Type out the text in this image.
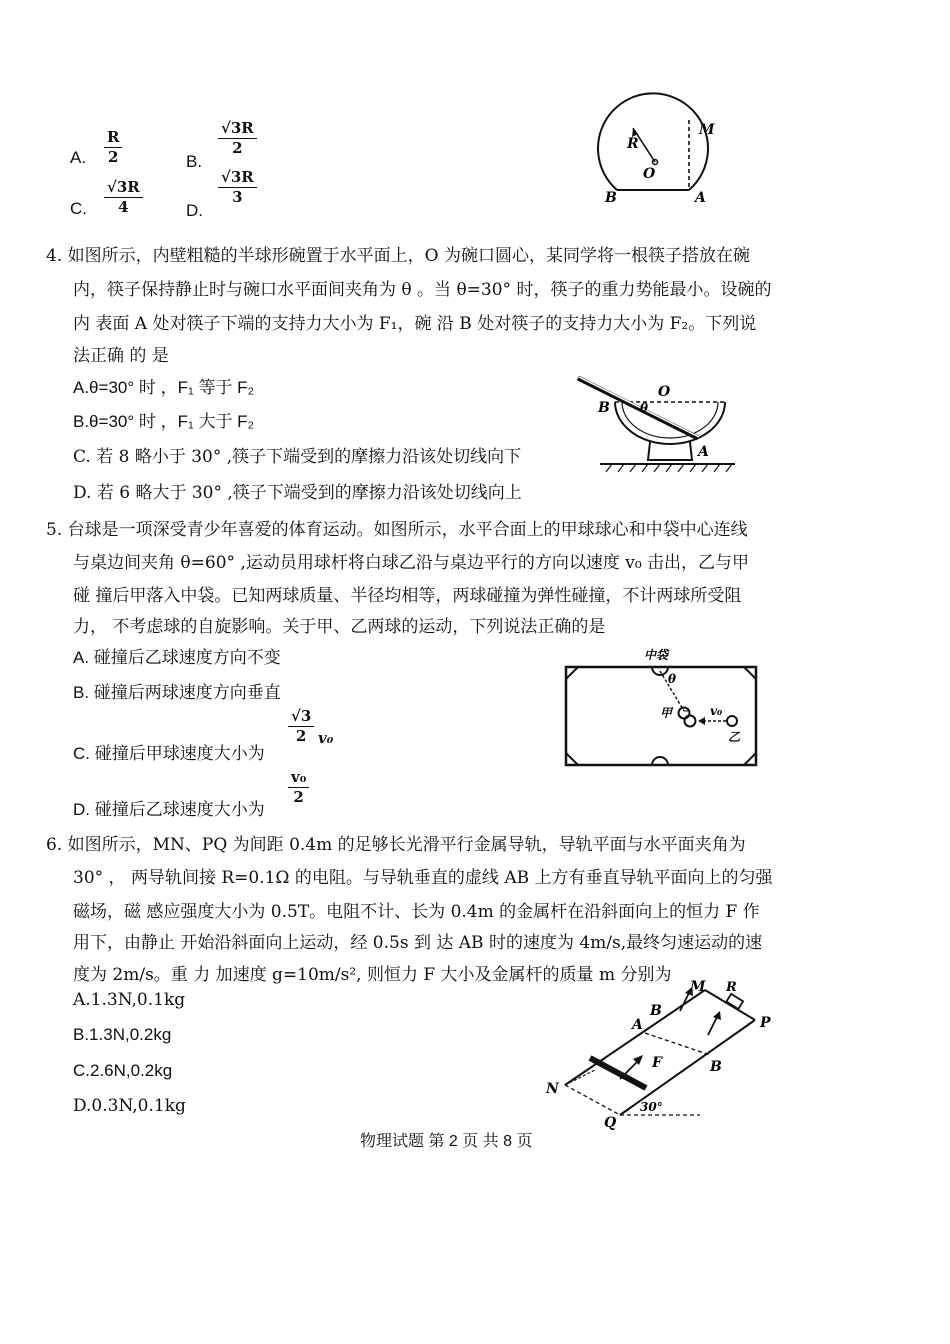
A. $\frac{R}{2}$	B.
$\frac{√3R}{2}$
C. $\frac{√3R}{4}$	D.
$\frac{√3R}{3}$
R
O
M
B	A
4. 如图所示，内壁粗糙的半球形碗置于水平面上，O 为碗口圆心，某同学将一根筷子搭放在碗
内，筷子保持静止时与碗口水平面间夹角为 θ 。当 θ=30° 时，筷子的重力势能最小。设碗的
内 表面 A 处对筷子下端的支持力大小为 F₁，碗 沿 B 处对筷子的支持力大小为 F₂。下列说
法正确 的 是
A.θ=30° 时 ，F₁ 等于 F₂
B.θ=30° 时 ，F₁ 大于 F₂
C. 若 8 略小于 30° ,筷子下端受到的摩擦力沿该处切线向下
D. 若 6 略大于 30° ,筷子下端受到的摩擦力沿该处切线向上
O
B	θ
A
5. 台球是一项深受青少年喜爱的体育运动。如图所示，水平合面上的甲球球心和中袋中心连线
与桌边间夹角 θ=60° ,运动员用球杆将白球乙沿与桌边平行的方向以速度 v₀ 击出，乙与甲
碰 撞后甲落入中袋。已知两球质量、半径均相等，两球碰撞为弹性碰撞，不计两球所受阻
力， 不考虑球的自旋影响。关于甲、乙两球的运动，下列说法正确的是
A. 碰撞后乙球速度方向不变
B. 碰撞后两球速度方向垂直
C. 碰撞后甲球速度大小为
$\frac{√3}{2} v_0$
D. 碰撞后乙球速度大小为
$\frac{\text{v₀}}{2}$
中袋
θ
甲	v₀
乙
6. 如图所示，MN、PQ 为间距 0.4m 的足够长光滑平行金属导轨，导轨平面与水平面夹角为
30° ， 两导轨间接 R=0.1Ω 的电阻。与导轨垂直的虚线 AB 上方有垂直导轨平面向上的匀强
磁场，磁 感应强度大小为 0.5T。电阻不计、长为 0.4m 的金属杆在沿斜面向上的恒力 F 作
用下，由静止 开始沿斜面向上运动，经 0.5s 到 达 AB 时的速度为 4m/s,最终匀速运动的速
度为 2m/s。重 力 加速度 g=10m/s², 则恒力 F 大小及金属杆的质量 m 分别为
A.1.3N,0.1kg
B.1.3N,0.2kg
C.2.6N,0.2kg
D.0.3N,0.1kg
B
M R
P
A
F	B
N
Q
30°
物理试题 第 2 页 共 8 页
